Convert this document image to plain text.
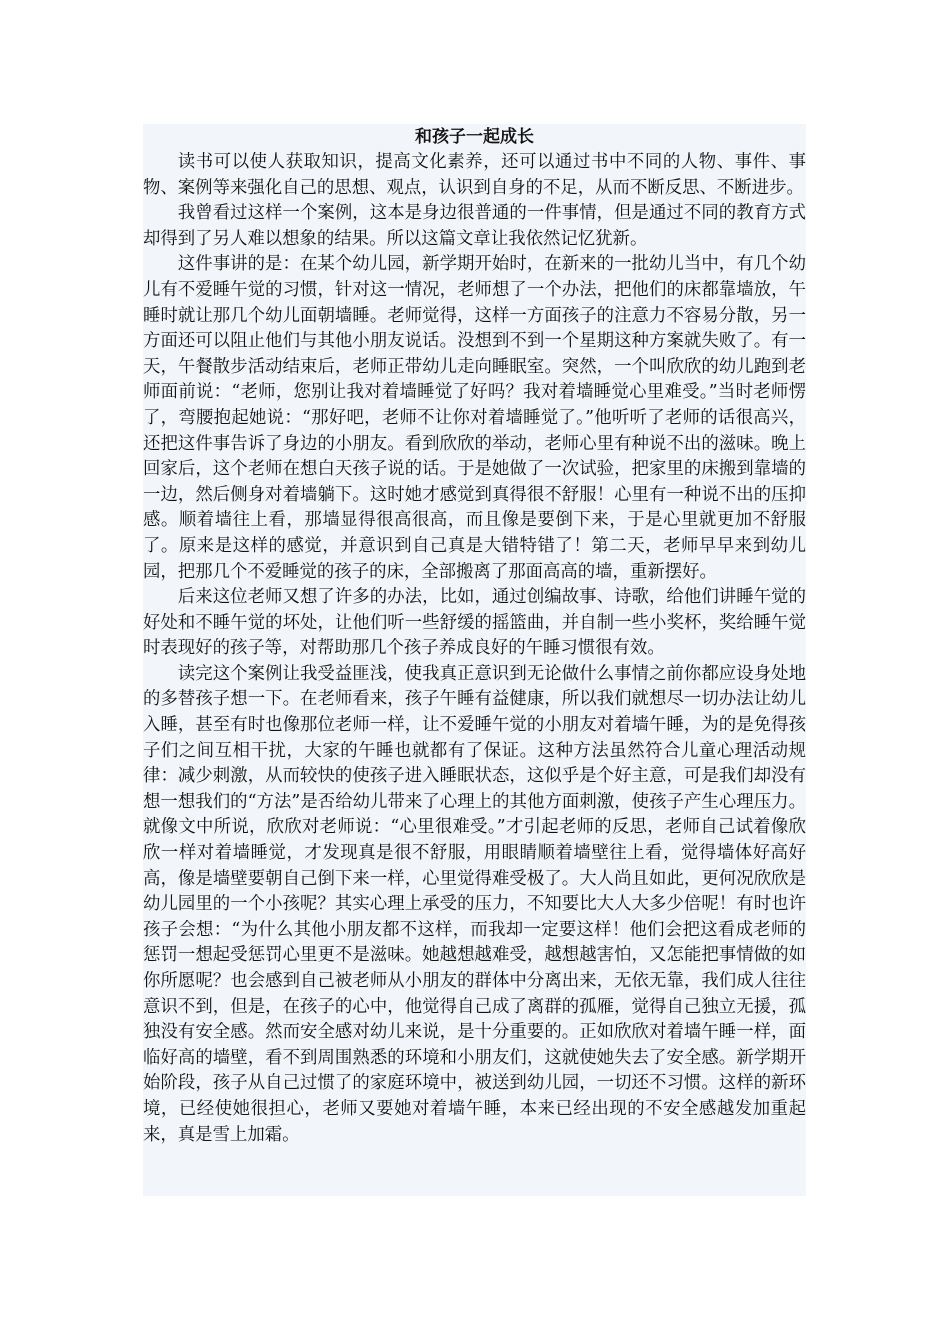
和孩子一起成长

读书可以使人获取知识，提高文化素养，还可以通过书中不同的人物、事件、事物、案例等来强化自己的思想、观点，认识到自身的不足，从而不断反思、不断进步。

我曾看过这样一个案例，这本是身边很普通的一件事情，但是通过不同的教育方式却得到了另人难以想象的结果。所以这篇文章让我依然记忆犹新。

这件事讲的是：在某个幼儿园，新学期开始时，在新来的一批幼儿当中，有几个幼儿有不爱睡午觉的习惯，针对这一情况，老师想了一个办法，把他们的床都靠墙放，午睡时就让那几个幼儿面朝墙睡。老师觉得，这样一方面孩子的注意力不容易分散，另一方面还可以阻止他们与其他小朋友说话。没想到不到一个星期这种方案就失败了。有一天，午餐散步活动结束后，老师正带幼儿走向睡眠室。突然，一个叫欣欣的幼儿跑到老师面前说：“老师，您别让我对着墙睡觉了好吗？我对着墙睡觉心里难受。”当时老师愣了，弯腰抱起她说：“那好吧，老师不让你对着墙睡觉了。”他听听了老师的话很高兴，还把这件事告诉了身边的小朋友。看到欣欣的举动，老师心里有种说不出的滋味。晚上回家后，这个老师在想白天孩子说的话。于是她做了一次试验，把家里的床搬到靠墙的一边，然后侧身对着墙躺下。这时她才感觉到真得很不舒服！心里有一种说不出的压抑感。顺着墙往上看，那墙显得很高很高，而且像是要倒下来，于是心里就更加不舒服了。原来是这样的感觉，并意识到自己真是大错特错了！第二天，老师早早来到幼儿园，把那几个不爱睡觉的孩子的床，全部搬离了那面高高的墙，重新摆好。

后来这位老师又想了许多的办法，比如，通过创编故事、诗歌，给他们讲睡午觉的好处和不睡午觉的坏处，让他们听一些舒缓的摇篮曲，并自制一些小奖杯，奖给睡午觉时表现好的孩子等，对帮助那几个孩子养成良好的午睡习惯很有效。

读完这个案例让我受益匪浅，使我真正意识到无论做什么事情之前你都应设身处地的多替孩子想一下。在老师看来，孩子午睡有益健康，所以我们就想尽一切办法让幼儿入睡，甚至有时也像那位老师一样，让不爱睡午觉的小朋友对着墙午睡，为的是免得孩子们之间互相干扰，大家的午睡也就都有了保证。这种方法虽然符合儿童心理活动规律：减少刺激，从而较快的使孩子进入睡眠状态，这似乎是个好主意，可是我们却没有想一想我们的“方法”是否给幼儿带来了心理上的其他方面刺激，使孩子产生心理压力。就像文中所说，欣欣对老师说：“心里很难受。”才引起老师的反思，老师自己试着像欣欣一样对着墙睡觉，才发现真是很不舒服，用眼睛顺着墙壁往上看，觉得墙体好高好高，像是墙壁要朝自己倒下来一样，心里觉得难受极了。大人尚且如此，更何况欣欣是幼儿园里的一个小孩呢？其实心理上承受的压力，不知要比大人大多少倍呢！有时也许孩子会想：“为什么其他小朋友都不这样，而我却一定要这样！他们会把这看成老师的惩罚一想起受惩罚心里更不是滋味。她越想越难受，越想越害怕，又怎能把事情做的如你所愿呢？也会感到自己被老师从小朋友的群体中分离出来，无依无靠，我们成人往往意识不到，但是，在孩子的心中，他觉得自己成了离群的孤雁，觉得自己独立无援，孤独没有安全感。然而安全感对幼儿来说，是十分重要的。正如欣欣对着墙午睡一样，面临好高的墙壁，看不到周围熟悉的环境和小朋友们，这就使她失去了安全感。新学期开始阶段，孩子从自己过惯了的家庭环境中，被送到幼儿园，一切还不习惯。这样的新环境，已经使她很担心，老师又要她对着墙午睡，本来已经出现的不安全感越发加重起来，真是雪上加霜。
